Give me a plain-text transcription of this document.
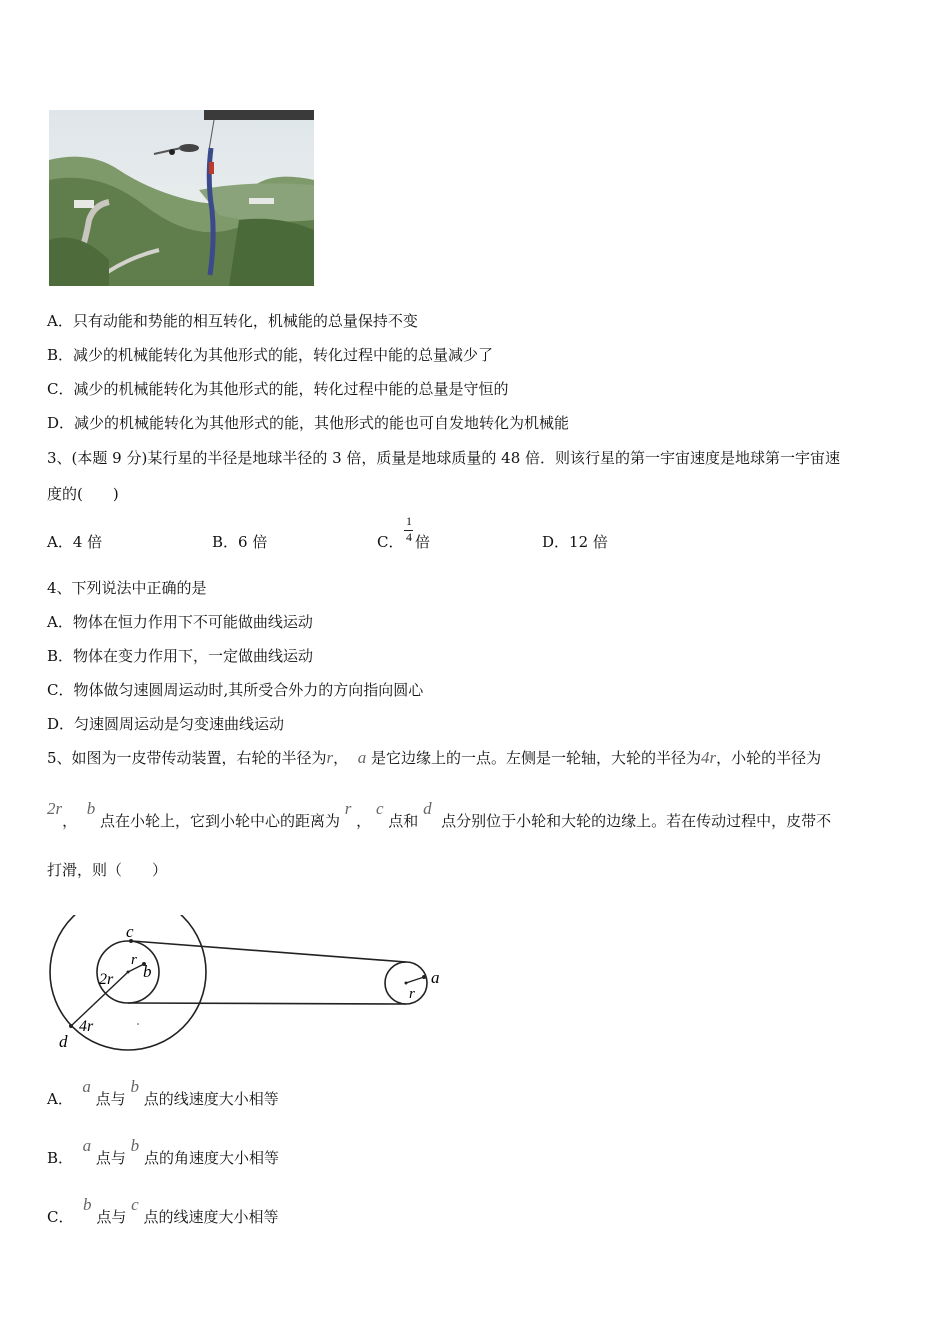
A．只有动能和势能的相互转化，机械能的总量保持不变
B．减少的机械能转化为其他形式的能，转化过程中能的总量减少了
C．减少的机械能转化为其他形式的能，转化过程中能的总量是守恒的
D．减少的机械能转化为其他形式的能，其他形式的能也可自发地转化为机械能
3、(本题 9 分)某行星的半径是地球半径的 3 倍，质量是地球质量的 48 倍．则该行星的第一宇宙速度是地球第一宇宙速
度的(　　)
A．4 倍	B．6 倍	C．
1
4 倍	D．12 倍
4、下列说法中正确的是
A．物体在恒力作用下不可能做曲线运动
B．物体在变力作用下，一定做曲线运动
C．物体做匀速圆周运动时,其所受合外力的方向指向圆心
D．匀速圆周运动是匀变速曲线运动
5、如图为一皮带传动装置，右轮的半径为r， a 是它边缘上的一点。左侧是一轮轴，大轮的半径为4r，小轮的半径为
2r，  b 点在小轮上，它到小轮中心的距离为 r ， c 点和 d  点分别位于小轮和大轮的边缘上。若在传动过程中，皮带不
打滑，则（　　）
c
r
b
2r
4r
d
a
r
A．  a 点与 b 点的线速度大小相等
B．  a 点与 b 点的角速度大小相等
C．  b 点与 c 点的线速度大小相等
